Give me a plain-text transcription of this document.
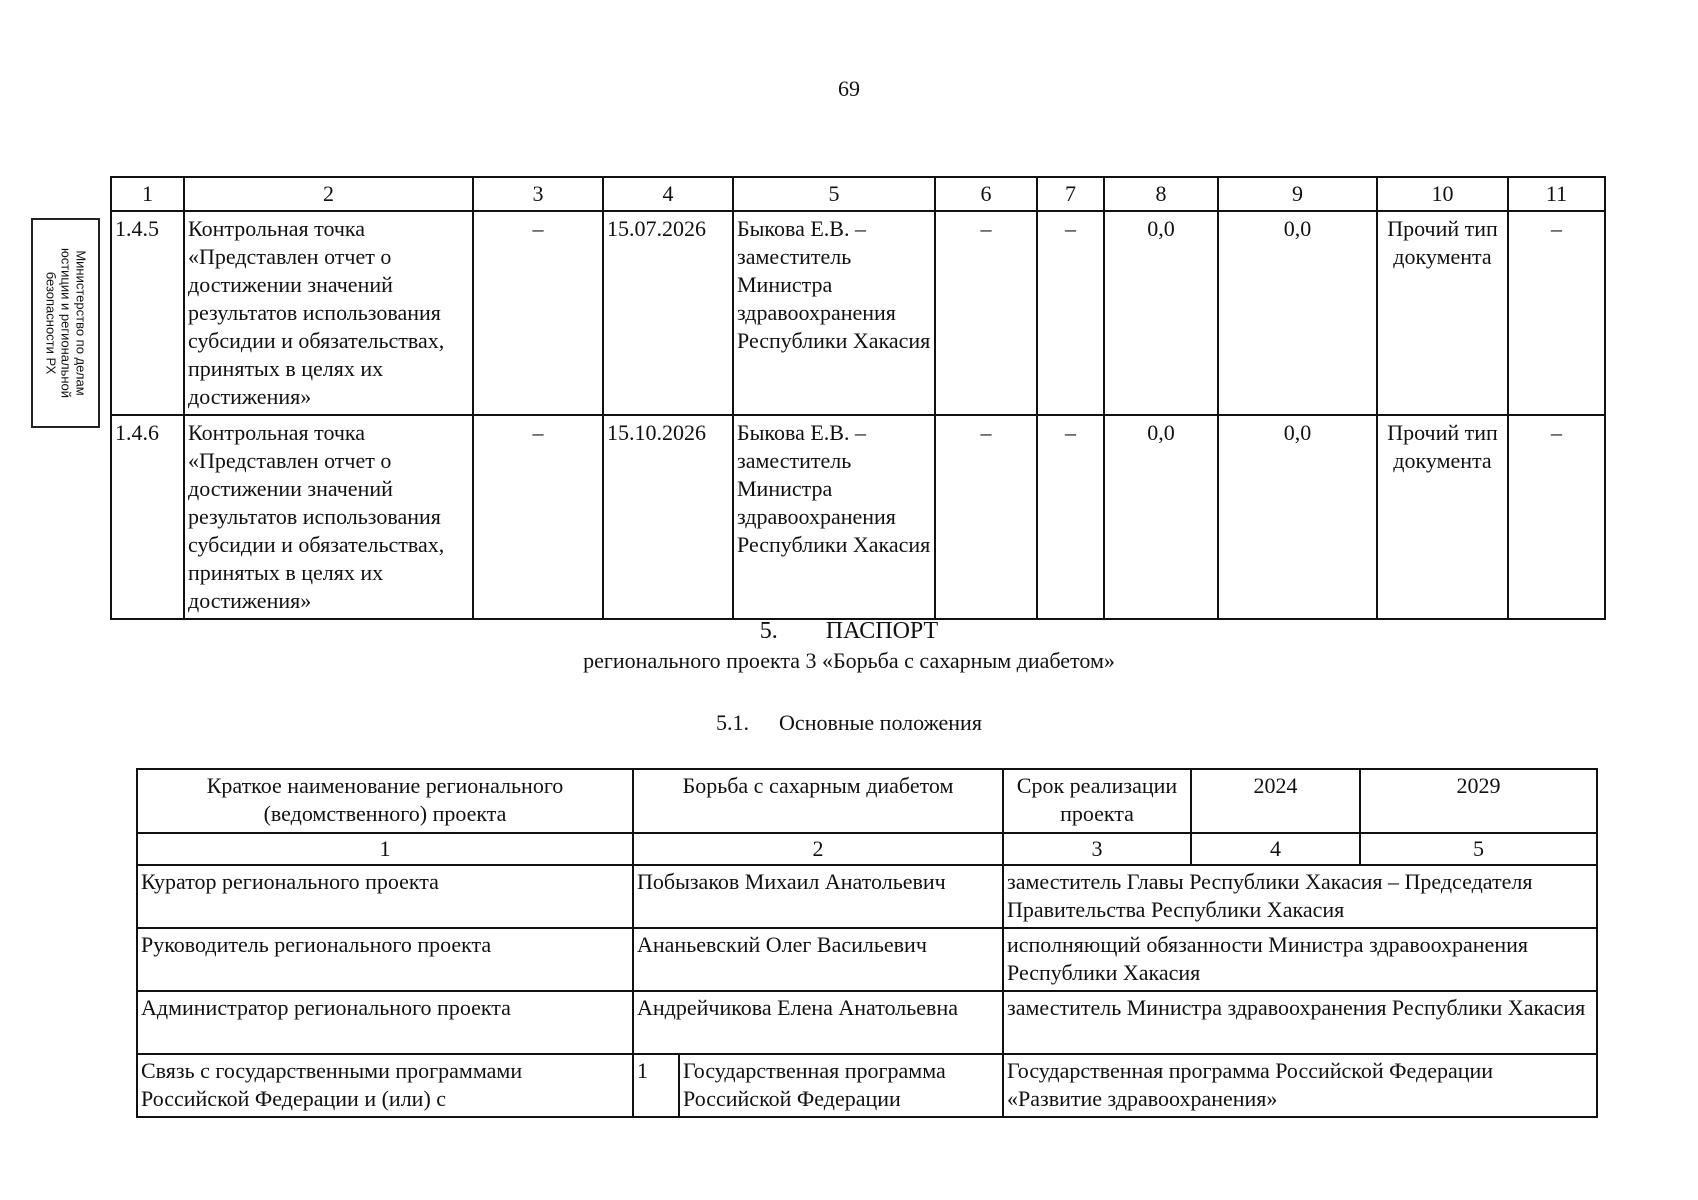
69
Министерство по делам
юстиции и региональной
безопасности РХ
1	2	3	4	5	6	7	8	9	10	11
1.4.5	Контрольная точка «Представлен отчет о достижении значений результатов использования субсидии и обязательствах, принятых в целях их достижения»	–	15.07.2026	Быкова Е.В. – заместитель Министра здравоохранения Республики Хакасия	–	–	0,0	0,0	Прочий тип документа	–
1.4.6	Контрольная точка «Представлен отчет о достижении значений результатов использования субсидии и обязательствах, принятых в целях их достижения»	–	15.10.2026	Быкова Е.В. – заместитель Министра здравоохранения Республики Хакасия	–	–	0,0	0,0	Прочий тип документа	–
5. ПАСПОРТ
регионального проекта 3 «Борьба с сахарным диабетом»
5.1. Основные положения
Краткое наименование регионального (ведомственного) проекта	Борьба с сахарным диабетом		Срок реализации проекта	2024	2029
1	2		3	4	5
Куратор регионального проекта	Побызаков Михаил Анатольевич		заместитель Главы Республики Хакасия – Председателя Правительства Республики Хакасия		
Руководитель регионального проекта	Ананьевский Олег Васильевич		исполняющий обязанности Министра здравоохранения Республики Хакасия		
Администратор регионального проекта	Андрейчикова Елена Анатольевна		заместитель Министра здравоохранения Республики Хакасия		
Связь с государственными программами Российской Федерации и (или) с	1	Государственная программа Российской Федерации	Государственная программа Российской Федерации «Развитие здравоохранения»		
